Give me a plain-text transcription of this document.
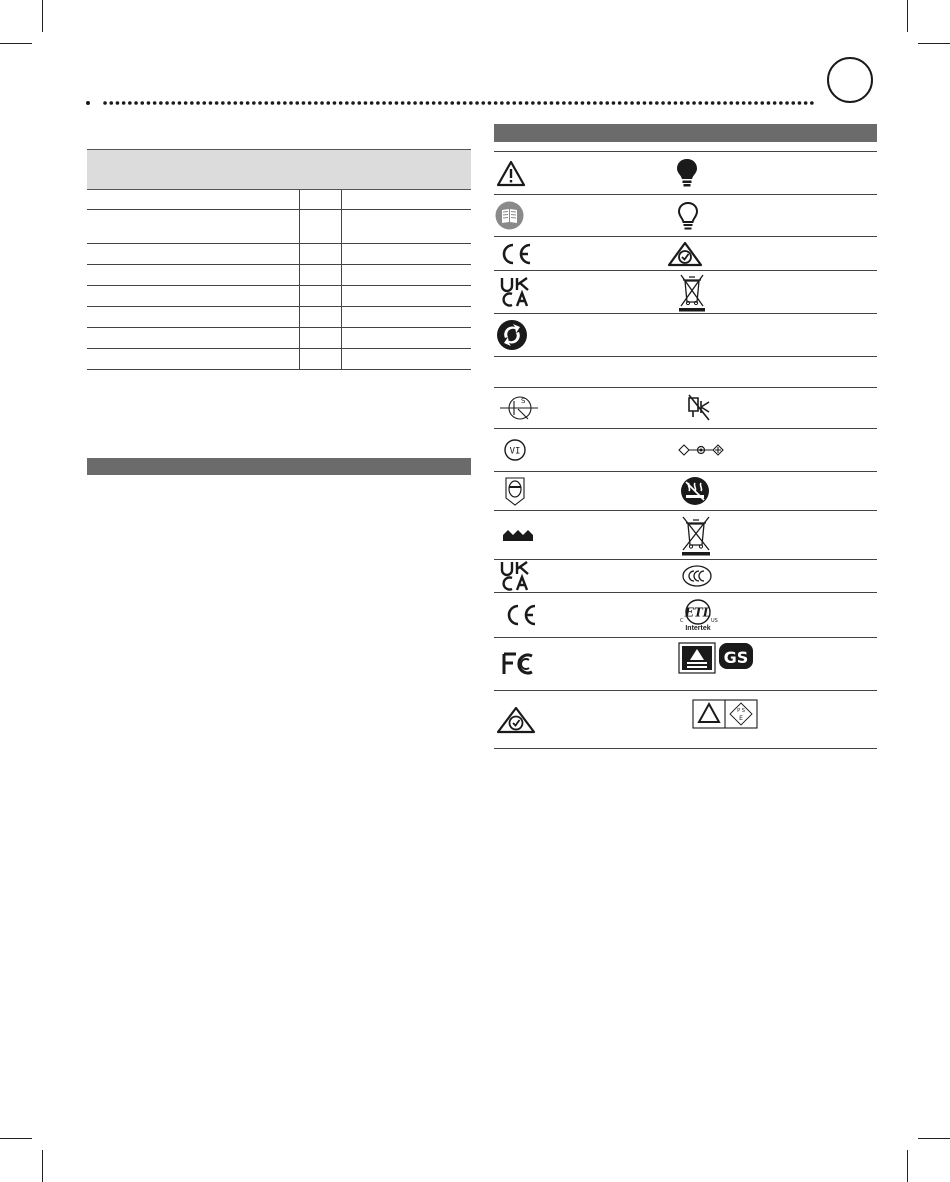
S
VI
ETL
C	US
Intertek
GS
P S
E
